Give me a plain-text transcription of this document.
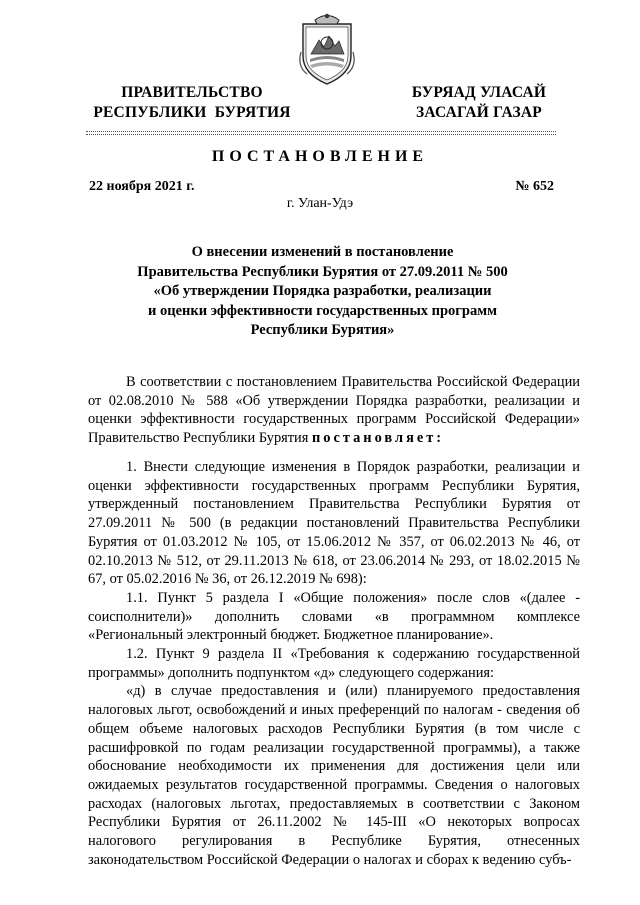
ПРАВИТЕЛЬСТВО
РЕСПУБЛИКИ  БУРЯТИЯ
БУРЯАД УЛАСАЙ
ЗАСАГАЙ ГАЗАР
ПОСТАНОВЛЕНИЕ
22 ноября 2021 г.	№ 652
г. Улан-Удэ
О внесении изменений в постановление
Правительства Республики Бурятия от 27.09.2011 № 500
«Об утверждении Порядка разработки, реализации
и оценки эффективности государственных программ
Республики Бурятия»

В соответствии с постановлением Правительства Российской Федерации от 02.08.2010 № 588 «Об утверждении Порядка разработки, реализации и оценки эффективности государственных программ Российской Федерации» Правительство Республики Бурятия постановляет:

1. Внести следующие изменения в Порядок разработки, реализации и оценки эффективности государственных программ Республики Бурятия, утвержденный постановлением Правительства Республики Бурятия от 27.09.2011 № 500 (в редакции постановлений Правительства Республики Бурятия от 01.03.2012 № 105, от 15.06.2012 № 357, от 06.02.2013 № 46, от 02.10.2013 № 512, от 29.11.2013 № 618, от 23.06.2014 № 293, от 18.02.2015 № 67, от 05.02.2016 № 36, от 26.12.2019 № 698):

1.1. Пункт 5 раздела I «Общие положения» после слов «(далее - соисполнители)» дополнить словами «в программном комплексе «Региональный электронный бюджет. Бюджетное планирование».

1.2. Пункт 9 раздела II «Требования к содержанию государственной программы» дополнить подпунктом «д» следующего содержания:

«д) в случае предоставления и (или) планируемого предоставления налоговых льгот, освобождений и иных преференций по налогам - сведения об общем объеме налоговых расходов Республики Бурятия (в том числе с расшифровкой по годам реализации государственной программы), а также обоснование необходимости их применения для достижения цели или ожидаемых результатов государственной программы. Сведения о налоговых расходах (налоговых льготах, предоставляемых в соответствии с Законом Республики Бурятия от 26.11.2002 № 145-III «О некоторых вопросах налогового регулирования в Республике Бурятия, отнесенных законодательством Российской Федерации о налогах и сборах к ведению субъ-
